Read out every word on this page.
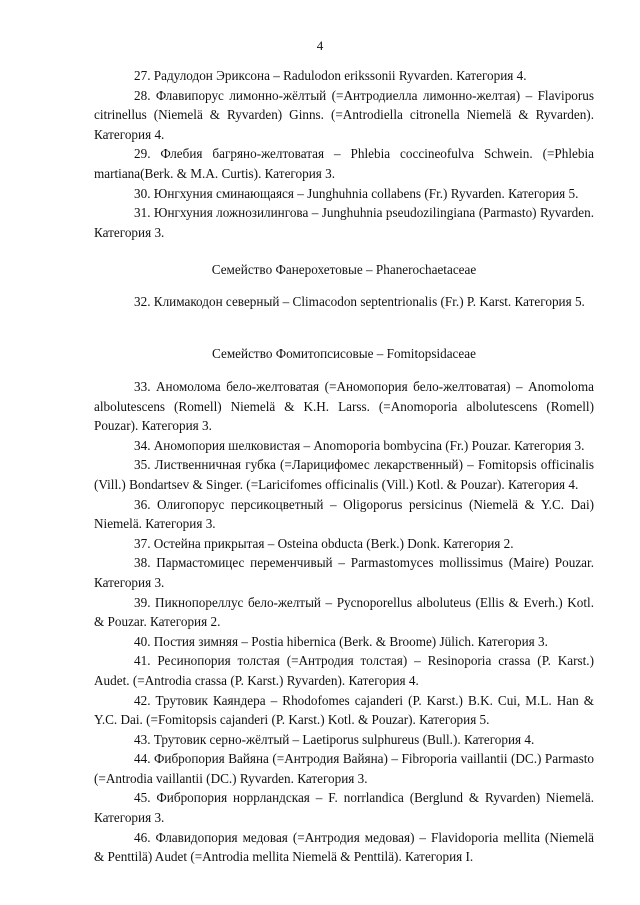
4

27. Радулодон Эриксона – Radulodon erikssonii Ryvarden. Категория 4.

28. Флавипорус лимонно-жёлтый (=Антродиелла лимонно-желтая) – Flaviporus citrinellus (Niemelä & Ryvarden) Ginns. (=Antrodiella citronella Niemelä & Ryvarden). Категория 4.

29. Флебия багряно-желтоватая – Phlebia coccineofulva Schwein. (=Phlebia martiana(Berk. & M.A. Curtis). Категория 3.

30. Юнгхуния сминающаяся – Junghuhnia collabens (Fr.) Ryvarden. Категория 5.

31. Юнгхуния ложнозилингова – Junghuhnia pseudozilingiana (Parmasto) Ryvarden. Категория 3.

Семейство Фанерохетовые – Phanerochaetaceae

32. Климакодон северный – Climacodon septentrionalis (Fr.) P. Karst. Категория 5.

Семейство Фомитопсисовые – Fomitopsidaceae

33. Аномолома бело-желтоватая (=Аномопория бело-желтоватая) – Anomoloma albolutescens (Romell) Niemelä & K.H. Larss. (=Anomoporia albolutescens (Romell) Pouzar). Категория 3.

34. Аномопория шелковистая – Anomoporia bombycina (Fr.) Pouzar. Категория 3.

35. Лиственничная губка (=Ларицифомес лекарственный) – Fomitopsis officinalis (Vill.) Bondartsev & Singer. (=Laricifomes officinalis (Vill.) Kotl. & Pouzar). Категория 4.

36. Олигопорус персикоцветный – Oligoporus persicinus (Niemelä & Y.C. Dai) Niemelä. Категория 3.

37. Остейна прикрытая – Osteina obducta (Berk.) Donk. Категория 2.

38. Пармастомицес переменчивый – Parmastomyces mollissimus (Maire) Pouzar. Категория 3.

39. Пикнопореллус бело-желтый – Pycnoporellus alboluteus (Ellis & Everh.) Kotl. & Pouzar. Категория 2.

40. Постия зимняя – Postia hibernica (Berk. & Broome) Jülich. Категория 3.

41. Ресинопория толстая (=Антродия толстая) – Resinoporia crassa (P. Karst.) Audet. (=Antrodia crassa (P. Karst.) Ryvarden). Категория 4.

42. Трутовик Каяндера – Rhodofomes cajanderi (P. Karst.) B.K. Cui, M.L. Han & Y.C. Dai. (=Fomitopsis cajanderi (P. Karst.) Kotl. & Pouzar). Категория 5.

43. Трутовик серно-жёлтый – Laetiporus sulphureus (Bull.). Категория 4.

44. Фибропория Вайяна (=Антродия Вайяна) – Fibroporia vaillantii (DC.) Parmasto (=Antrodia vaillantii (DC.) Ryvarden. Категория 3.

45. Фибропория норрландская – F. norrlandica (Berglund & Ryvarden) Niemelä. Категория 3.

46. Флавидопория медовая (=Антродия медовая) – Flavidoporia mellita (Niemelä & Penttilä) Audet (=Antrodia mellita Niemelä & Penttilä). Категория I.
